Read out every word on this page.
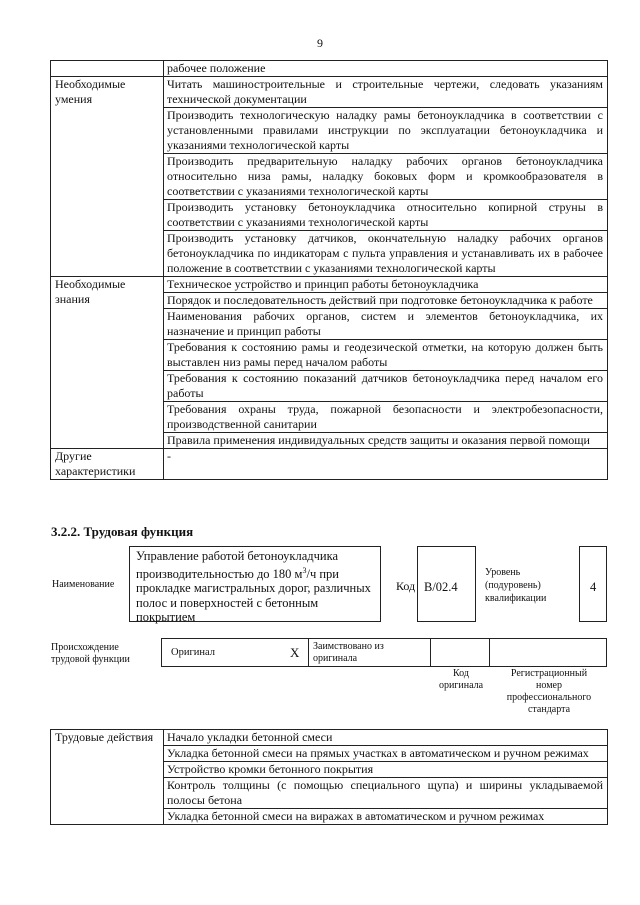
9
	рабочее положение
Необходимые умения	Читать машиностроительные и строительные чертежи, следовать указаниям технической документации
	Производить технологическую наладку рамы бетоноукладчика в соответствии с установленными правилами инструкции по эксплуатации бетоноукладчика и указаниями технологической карты
	Производить предварительную наладку рабочих органов бетоноукладчика относительно низа рамы, наладку боковых форм и кромкообразователя в соответствии с указаниями технологической карты
	Производить установку бетоноукладчика относительно копирной струны в соответствии с указаниями технологической карты
	Производить установку датчиков, окончательную наладку рабочих органов бетоноукладчика по индикаторам с пульта управления и устанавливать их в рабочее положение в соответствии с указаниями технологической карты
Необходимые знания	Техническое устройство и принцип работы бетоноукладчика
	Порядок и последовательность действий при подготовке бетоноукладчика к работе
	Наименования рабочих органов, систем и элементов бетоноукладчика, их назначение и принцип работы
	Требования к состоянию рамы и геодезической отметки, на которую должен быть выставлен низ рамы перед началом работы
	Требования к состоянию показаний датчиков бетоноукладчика перед началом его работы
	Требования охраны труда, пожарной безопасности и электробезопасности, производственной санитарии
	Правила применения индивидуальных средств защиты и оказания первой помощи
Другие характеристики	-
3.2.2. Трудовая функция
Наименование
Управление работой бетоноукладчика производительностью до 180 $м^3/ч$ при прокладке магистральных дорог, различных полос и поверхностей с бетонным покрытием
Код В/02.4
Уровень (подуровень) квалификации
4
Происхождение трудовой функции
Оригинал	X Заимствовано из оригинала
Код оригинала
Регистрационный номер профессионального стандарта
Трудовые действия	Начало укладки бетонной смеси
Укладка бетонной смеси на прямых участках в автоматическом и ручном режимах
Устройство кромки бетонного покрытия
Контроль толщины (с помощью специального щупа) и ширины укладываемой полосы бетона
Укладка бетонной смеси на виражах в автоматическом и ручном режимах
